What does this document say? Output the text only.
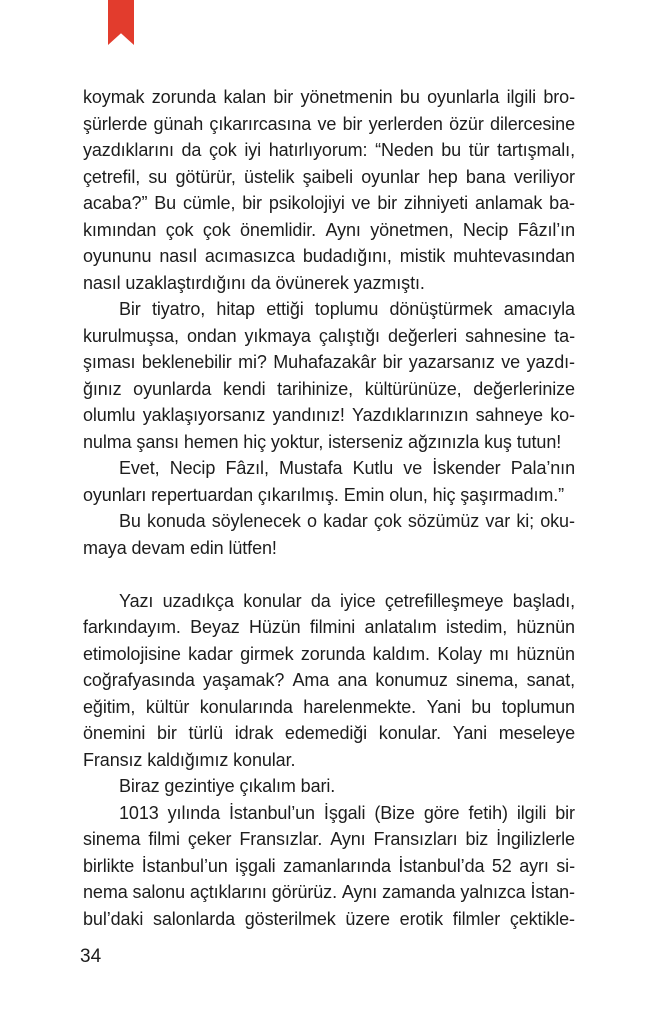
koymak zorunda kalan bir yönetmenin bu oyunlarla ilgili bro-
şürlerde günah çıkarırcasına ve bir yerlerden özür dilercesine
yazdıklarını da çok iyi hatırlıyorum: “Neden bu tür tartışmalı,
çetrefil, su götürür, üstelik şaibeli oyunlar hep bana veriliyor
acaba?” Bu cümle, bir psikolojiyi ve bir zihniyeti anlamak ba-
kımından çok çok önemlidir. Aynı yönetmen, Necip Fâzıl’ın
oyununu nasıl acımasızca budadığını, mistik muhtevasından
nasıl uzaklaştırdığını da övünerek yazmıştı.
Bir tiyatro, hitap ettiği toplumu dönüştürmek amacıyla
kurulmuşsa, ondan yıkmaya çalıştığı değerleri sahnesine ta-
şıması beklenebilir mi? Muhafazakâr bir yazarsanız ve yazdı-
ğınız oyunlarda kendi tarihinize, kültürünüze, değerlerinize
olumlu yaklaşıyorsanız yandınız! Yazdıklarınızın sahneye ko-
nulma şansı hemen hiç yoktur, isterseniz ağzınızla kuş tutun!
Evet, Necip Fâzıl, Mustafa Kutlu ve İskender Pala’nın
oyunları repertuardan çıkarılmış. Emin olun, hiç şaşırmadım.”
Bu konuda söylenecek o kadar çok sözümüz var ki; oku-
maya devam edin lütfen!
Yazı uzadıkça konular da iyice çetrefilleşmeye başladı,
farkındayım. Beyaz Hüzün filmini anlatalım istedim, hüznün
etimolojisine kadar girmek zorunda kaldım. Kolay mı hüznün
coğrafyasında yaşamak? Ama ana konumuz sinema, sanat,
eğitim, kültür konularında harelenmekte. Yani bu toplumun
önemini bir türlü idrak edemediği konular. Yani meseleye
Fransız kaldığımız konular.
Biraz gezintiye çıkalım bari.
1013 yılında İstanbul’un İşgali (Bize göre fetih) ilgili bir
sinema filmi çeker Fransızlar. Aynı Fransızları biz İngilizlerle
birlikte İstanbul’un işgali zamanlarında İstanbul’da 52 ayrı si-
nema salonu açtıklarını görürüz. Aynı zamanda yalnızca İstan-
bul’daki salonlarda gösterilmek üzere erotik filmler çektikle-
34
